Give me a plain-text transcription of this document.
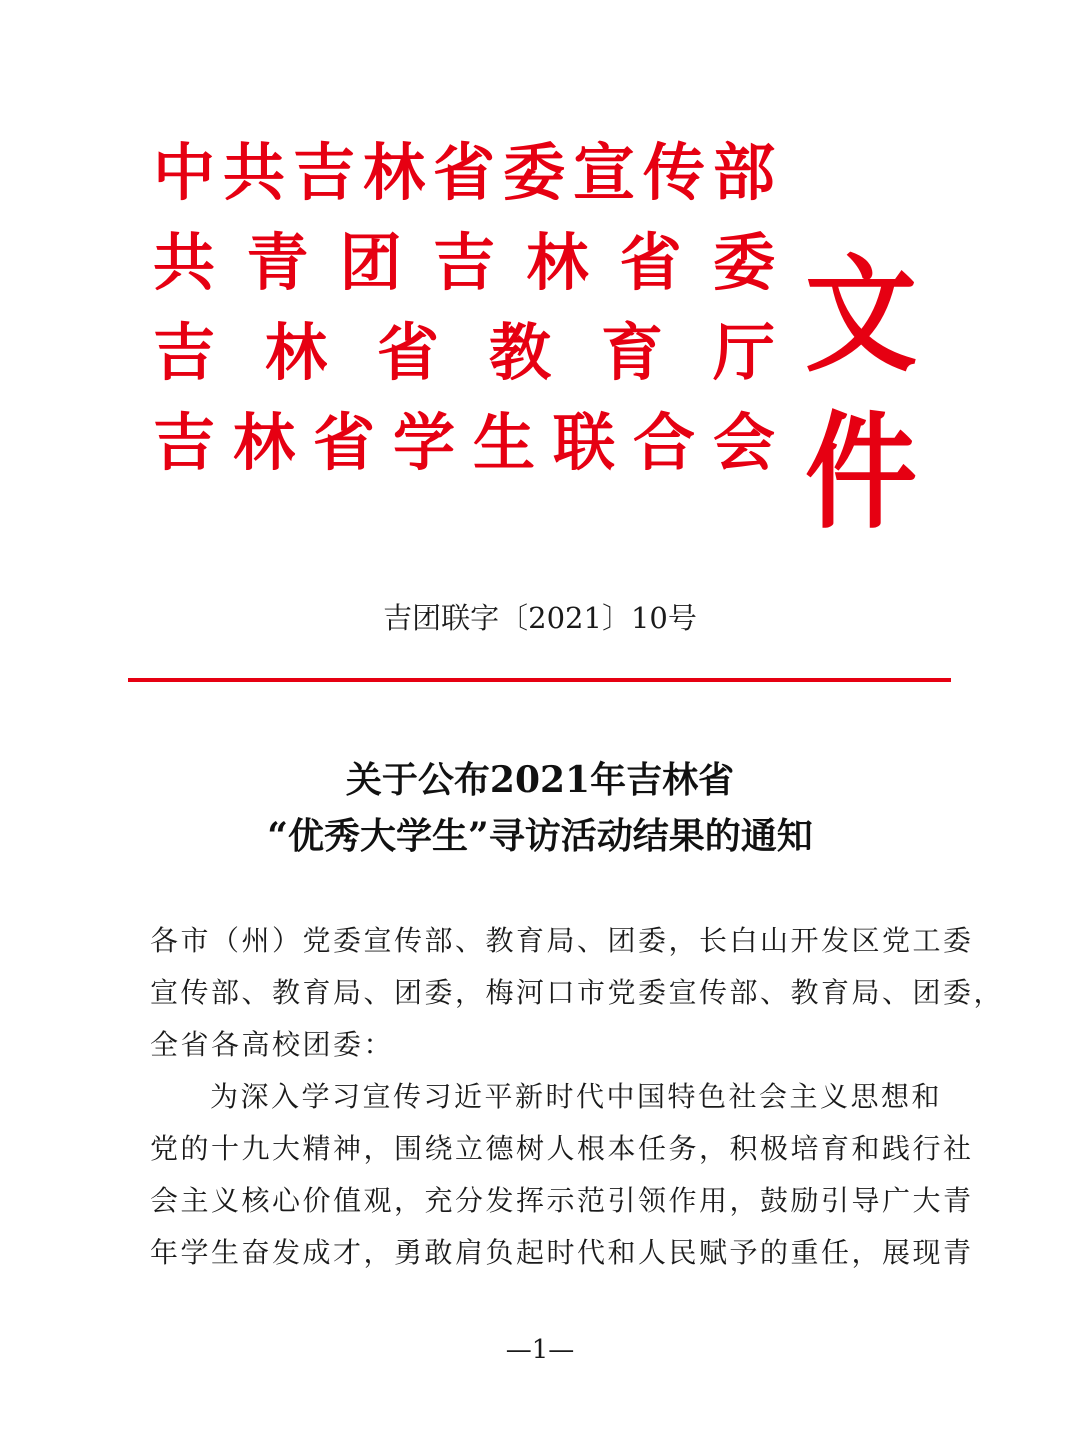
中 共 吉 林 省 委 宣 传 部
共 青 团 吉 林 省 委
吉 林 省 教 育 厅
吉 林 省 学 生 联 合 会
文件
吉团联字〔2021〕10号
关于公布2021年吉林省
“优秀大学生”寻访活动结果的通知
各市（州）党委宣传部、教育局、团委，长白山开发区党工委
宣传部、教育局、团委，梅河口市党委宣传部、教育局、团委，
全省各高校团委：
为深入学习宣传习近平新时代中国特色社会主义思想和
党的十九大精神，围绕立德树人根本任务，积极培育和践行社
会主义核心价值观，充分发挥示范引领作用，鼓励引导广大青
年学生奋发成才，勇敢肩负起时代和人民赋予的重任，展现青
—1—
